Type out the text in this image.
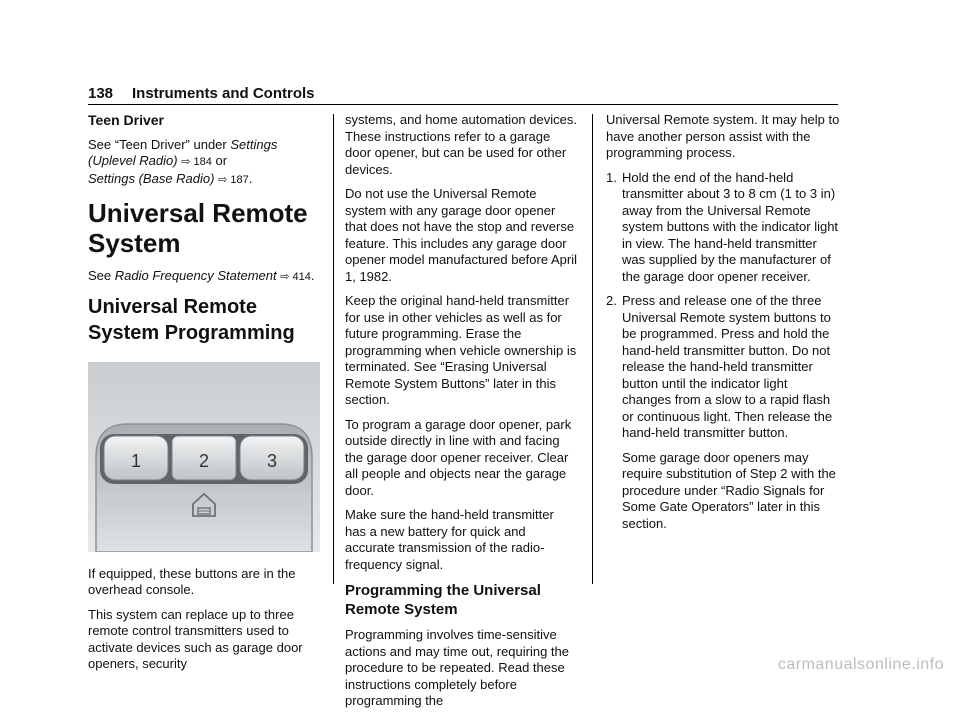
138 Instruments and Controls
Teen Driver

See “Teen Driver” under Settings (Uplevel Radio) ⇨ 184 or
Settings (Base Radio) ⇨ 187.

Universal Remote System

See Radio Frequency Statement ⇨ 414.

Universal Remote System Programming
1	2	3

If equipped, these buttons are in the overhead console.

This system can replace up to three remote control transmitters used to activate devices such as garage door openers, security

systems, and home automation devices. These instructions refer to a garage door opener, but can be used for other devices.

Do not use the Universal Remote system with any garage door opener that does not have the stop and reverse feature. This includes any garage door opener model manufactured before April 1, 1982.

Keep the original hand-held transmitter for use in other vehicles as well as for future programming. Erase the programming when vehicle ownership is terminated. See “Erasing Universal Remote System Buttons” later in this section.

To program a garage door opener, park outside directly in line with and facing the garage door opener receiver. Clear all people and objects near the garage door.

Make sure the hand-held transmitter has a new battery for quick and accurate transmission of the radio-frequency signal.

Programming the Universal Remote System

Programming involves time-sensitive actions and may time out, requiring the procedure to be repeated. Read these instructions completely before programming the

Universal Remote system. It may help to have another person assist with the programming process.

1. Hold the end of the hand-held transmitter about 3 to 8 cm (1 to 3 in) away from the Universal Remote system buttons with the indicator light in view. The hand-held transmitter was supplied by the manufacturer of the garage door opener receiver.
2. Press and release one of the three Universal Remote system buttons to be programmed. Press and hold the hand-held transmitter button. Do not release the hand-held transmitter button until the indicator light changes from a slow to a rapid flash or continuous light. Then release the hand-held transmitter button.

Some garage door openers may require substitution of Step 2 with the procedure under “Radio Signals for Some Gate Operators” later in this section.

carmanualsonline.info
